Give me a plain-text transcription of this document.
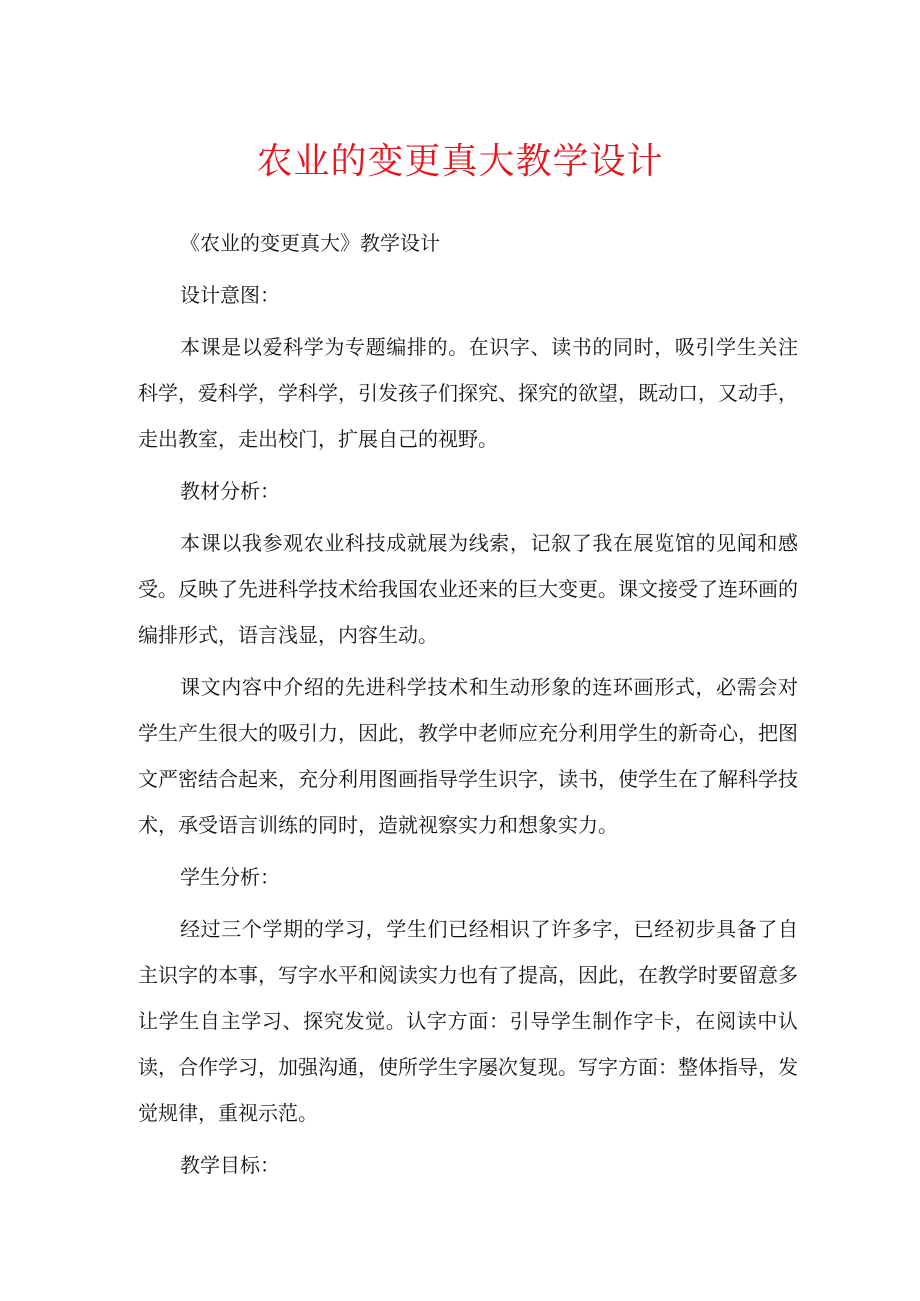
农业的变更真大教学设计

《农业的变更真大》教学设计

设计意图：

本课是以爱科学为专题编排的。在识字、读书的同时，吸引学生关注科学，爱科学，学科学，引发孩子们探究、探究的欲望，既动口，又动手，走出教室，走出校门，扩展自己的视野。

教材分析：

本课以我参观农业科技成就展为线索，记叙了我在展览馆的见闻和感受。反映了先进科学技术给我国农业还来的巨大变更。课文接受了连环画的编排形式，语言浅显，内容生动。

课文内容中介绍的先进科学技术和生动形象的连环画形式，必需会对学生产生很大的吸引力，因此，教学中老师应充分利用学生的新奇心，把图文严密结合起来，充分利用图画指导学生识字，读书，使学生在了解科学技术，承受语言训练的同时，造就视察实力和想象实力。

学生分析：

经过三个学期的学习，学生们已经相识了许多字，已经初步具备了自主识字的本事，写字水平和阅读实力也有了提高，因此，在教学时要留意多让学生自主学习、探究发觉。认字方面：引导学生制作字卡，在阅读中认读，合作学习，加强沟通，使所学生字屡次复现。写字方面：整体指导，发觉规律，重视示范。

教学目标：
